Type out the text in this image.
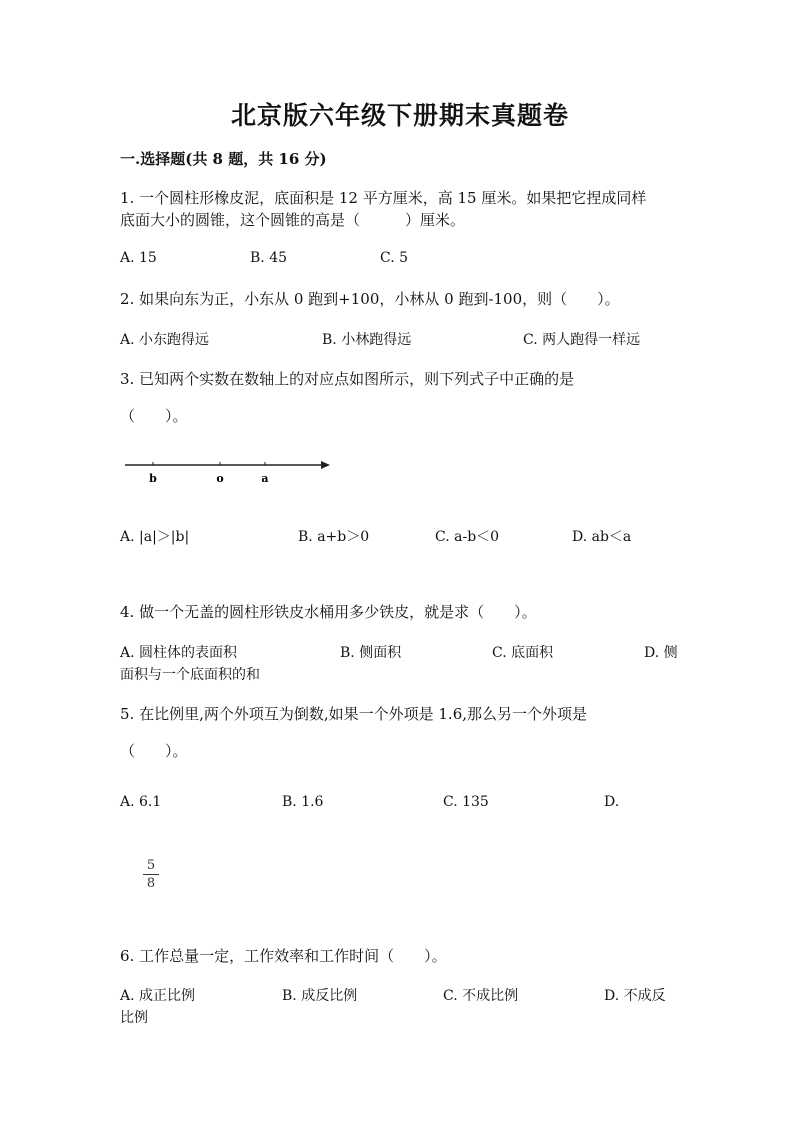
北京版六年级下册期末真题卷
一.选择题(共 8 题，共 16 分)
1. 一个圆柱形橡皮泥，底面积是 12 平方厘米，高 15 厘米。如果把它捏成同样
底面大小的圆锥，这个圆锥的高是（　　　）厘米。
A. 15	B. 45	C. 5
2. 如果向东为正，小东从 0 跑到+100，小林从 0 跑到-100，则（　　）。
A. 小东跑得远	B. 小林跑得远	C. 两人跑得一样远
3. 已知两个实数在数轴上的对应点如图所示，则下列式子中正确的是
（　　）。
b	o	a
A. |a|＞|b|	B. a+b＞0	C. a-b＜0	D. ab＜a
4. 做一个无盖的圆柱形铁皮水桶用多少铁皮，就是求（　　）。
A. 圆柱体的表面积	B. 侧面积	C. 底面积	D. 侧
面积与一个底面积的和
5. 在比例里,两个外项互为倒数,如果一个外项是 1.6,那么另一个外项是
（　　）。
A. 6.1	B. 1.6	C. 135	D.
5
8
6. 工作总量一定，工作效率和工作时间（　　）。
A. 成正比例	B. 成反比例	C. 不成比例	D. 不成反
比例
